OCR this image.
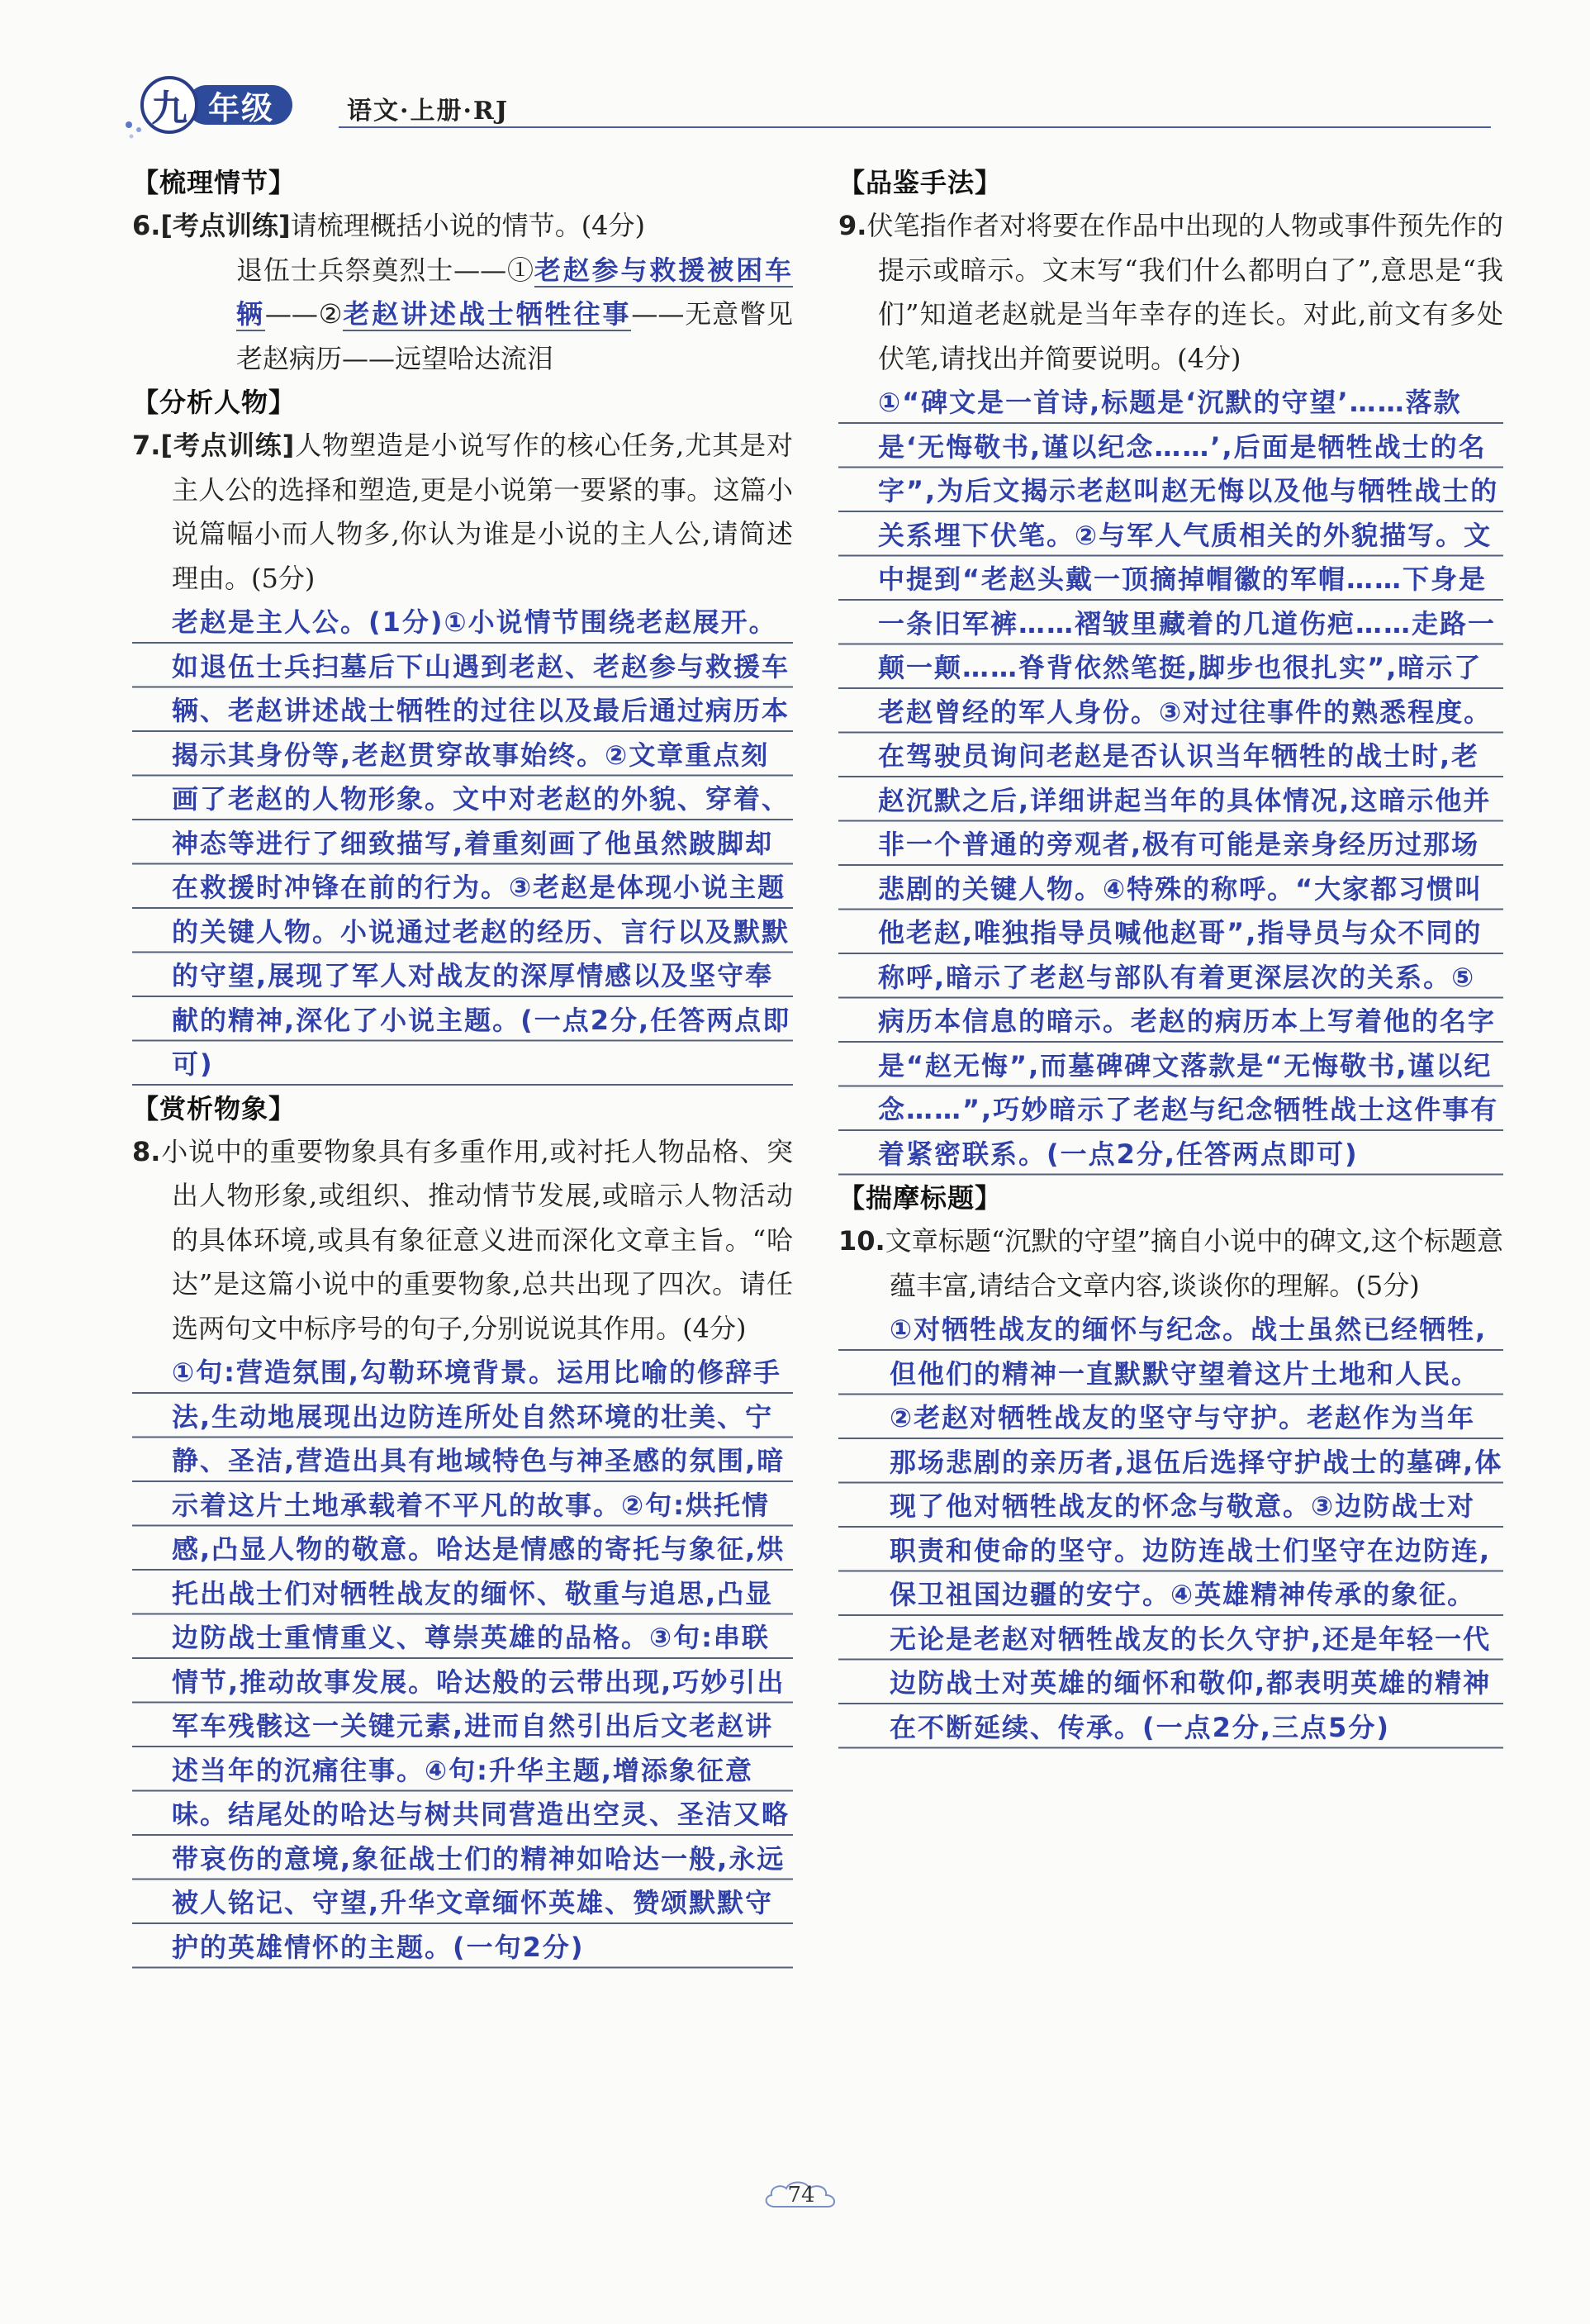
九 年级	语文·上册·RJ

【梳理情节】

6.[考点训练]请梳理概括小说的情节。(4分)

退伍士兵祭奠烈士——①老赵参与救援被困车辆——②老赵讲述战士牺牲往事——无意瞥见老赵病历——远望哈达流泪

【分析人物】

7.[考点训练]人物塑造是小说写作的核心任务,尤其是对主人公的选择和塑造,更是小说第一要紧的事。这篇小说篇幅小而人物多,你认为谁是小说的主人公,请简述理由。(5分)

老赵是主人公。(1分)①小说情节围绕老赵展开。如退伍士兵扫墓后下山遇到老赵、老赵参与救援车辆、老赵讲述战士牺牲的过往以及最后通过病历本揭示其身份等,老赵贯穿故事始终。②文章重点刻画了老赵的人物形象。文中对老赵的外貌、穿着、神态等进行了细致描写,着重刻画了他虽然跛脚却在救援时冲锋在前的行为。③老赵是体现小说主题的关键人物。小说通过老赵的经历、言行以及默默的守望,展现了军人对战友的深厚情感以及坚守奉献的精神,深化了小说主题。(一点2分,任答两点即可)

【赏析物象】

8.小说中的重要物象具有多重作用,或衬托人物品格、突出人物形象,或组织、推动情节发展,或暗示人物活动的具体环境,或具有象征意义进而深化文章主旨。“哈达”是这篇小说中的重要物象,总共出现了四次。请任选两句文中标序号的句子,分别说说其作用。(4分)

①句:营造氛围,勾勒环境背景。运用比喻的修辞手法,生动地展现出边防连所处自然环境的壮美、宁静、圣洁,营造出具有地域特色与神圣感的氛围,暗示着这片土地承载着不平凡的故事。②句:烘托情感,凸显人物的敬意。哈达是情感的寄托与象征,烘托出战士们对牺牲战友的缅怀、敬重与追思,凸显边防战士重情重义、尊崇英雄的品格。③句:串联情节,推动故事发展。哈达般的云带出现,巧妙引出军车残骸这一关键元素,进而自然引出后文老赵讲述当年的沉痛往事。④句:升华主题,增添象征意味。结尾处的哈达与树共同营造出空灵、圣洁又略带哀伤的意境,象征战士们的精神如哈达一般,永远被人铭记、守望,升华文章缅怀英雄、赞颂默默守护的英雄情怀的主题。(一句2分)

【品鉴手法】

9.伏笔指作者对将要在作品中出现的人物或事件预先作的提示或暗示。文末写“我们什么都明白了”,意思是“我们”知道老赵就是当年幸存的连长。对此,前文有多处伏笔,请找出并简要说明。(4分)

①“碑文是一首诗,标题是‘沉默的守望’……落款是‘无悔敬书,谨以纪念……’,后面是牺牲战士的名字”,为后文揭示老赵叫赵无悔以及他与牺牲战士的关系埋下伏笔。②与军人气质相关的外貌描写。文中提到“老赵头戴一顶摘掉帽徽的军帽……下身是一条旧军裤……褶皱里藏着的几道伤疤……走路一颠一颠……脊背依然笔挺,脚步也很扎实”,暗示了老赵曾经的军人身份。③对过往事件的熟悉程度。在驾驶员询问老赵是否认识当年牺牲的战士时,老赵沉默之后,详细讲起当年的具体情况,这暗示他并非一个普通的旁观者,极有可能是亲身经历过那场悲剧的关键人物。④特殊的称呼。“大家都习惯叫他老赵,唯独指导员喊他赵哥”,指导员与众不同的称呼,暗示了老赵与部队有着更深层次的关系。⑤病历本信息的暗示。老赵的病历本上写着他的名字是“赵无悔”,而墓碑碑文落款是“无悔敬书,谨以纪念……”,巧妙暗示了老赵与纪念牺牲战士这件事有着紧密联系。(一点2分,任答两点即可)

【揣摩标题】

10.文章标题“沉默的守望”摘自小说中的碑文,这个标题意蕴丰富,请结合文章内容,谈谈你的理解。(5分)

①对牺牲战友的缅怀与纪念。战士虽然已经牺牲,但他们的精神一直默默守望着这片土地和人民。②老赵对牺牲战友的坚守与守护。老赵作为当年那场悲剧的亲历者,退伍后选择守护战士的墓碑,体现了他对牺牲战友的怀念与敬意。③边防战士对职责和使命的坚守。边防连战士们坚守在边防连,保卫祖国边疆的安宁。④英雄精神传承的象征。无论是老赵对牺牲战友的长久守护,还是年轻一代边防战士对英雄的缅怀和敬仰,都表明英雄的精神在不断延续、传承。(一点2分,三点5分)

74
